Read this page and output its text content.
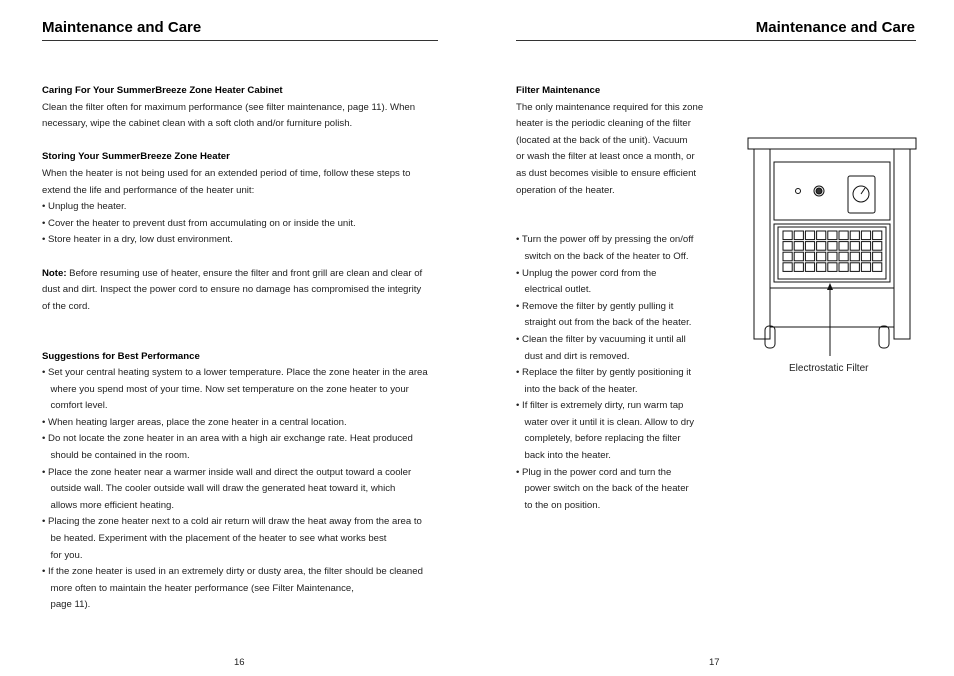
Maintenance and Care

Caring For Your SummerBreeze Zone Heater Cabinet

Clean the filter often for maximum performance (see filter maintenance, page 11). When

necessary, wipe the cabinet clean with a soft cloth and/or furniture polish.

Storing Your SummerBreeze Zone Heater

When the heater is not being used for an extended period of time, follow these steps to

extend the life and performance of the heater unit:

• Unplug the heater.

• Cover the heater to prevent dust from accumulating on or inside the unit.

• Store heater in a dry, low dust environment.

Note: Before resuming use of heater, ensure the filter and front grill are clean and clear of

dust and dirt. Inspect the power cord to ensure no damage has compromised the integrity

of the cord.

Suggestions for Best Performance

• Set your central heating system to a lower temperature. Place the zone heater in the area

where you spend most of your time. Now set temperature on the zone heater to your

comfort level.

• When heating larger areas, place the zone heater in a central location.

• Do not locate the zone heater in an area with a high air exchange rate. Heat produced

should be contained in the room.

• Place the zone heater near a warmer inside wall and direct the output toward a cooler

outside wall. The cooler outside wall will draw the generated heat toward it, which

allows more efficient heating.

• Placing the zone heater next to a cold air return will draw the heat away from the area to

be heated. Experiment with the placement of the heater to see what works best

for you.

• If the zone heater is used in an extremely dirty or dusty area, the filter should be cleaned

more often to maintain the heater performance (see Filter Maintenance,

page 11).

16
Maintenance and Care

Filter Maintenance

The only maintenance required for this zone

heater is the periodic cleaning of the filter

(located at the back of the unit). Vacuum

or wash the filter at least once a month, or

as dust becomes visible to ensure efficient

operation of the heater.

• Turn the power off by pressing the on/off

switch on the back of the heater to Off.

• Unplug the power cord from the

electrical outlet.

• Remove the filter by gently pulling it

straight out from the back of the heater.

• Clean the filter by vacuuming it until all

dust and dirt is removed.

• Replace the filter by gently positioning it

into the back of the heater.

• If filter is extremely dirty, run warm tap

water over it until it is clean. Allow to dry

completely, before replacing the filter

back into the heater.

• Plug in the power cord and turn the

power switch on the back of the heater

to the on position.

Electrostatic Filter
17
